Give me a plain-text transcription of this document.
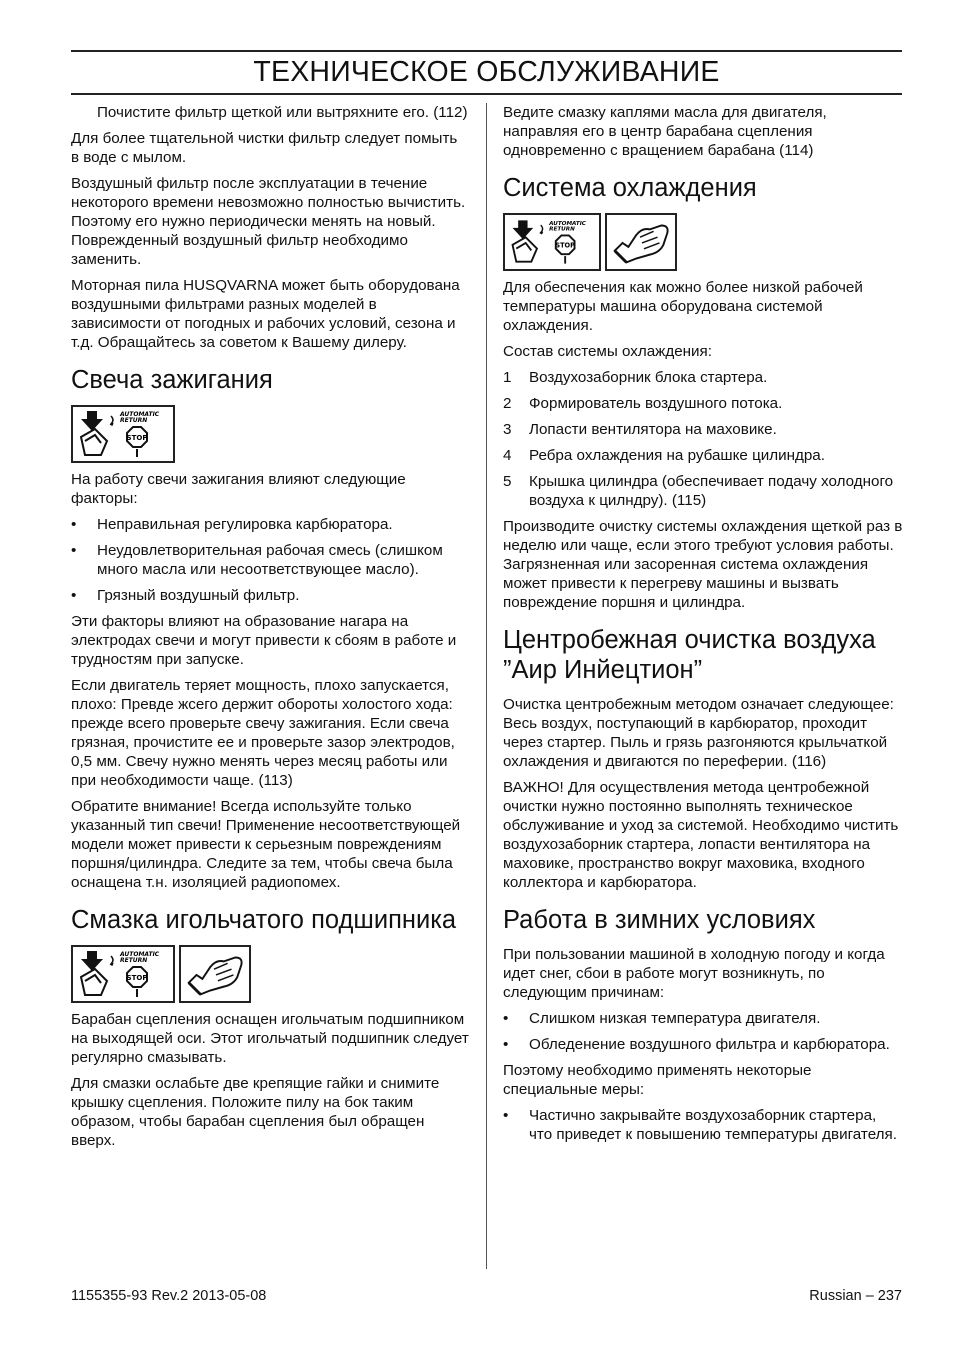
ТЕХНИЧЕСКОЕ ОБСЛУЖИВАНИЕ

Почистите фильтр щеткой или вытряхните его. (112)

Для более тщательной чистки фильтр следует помыть в воде с мылом.

Воздушный фильтр после эксплуатации в течение некоторого времени невозможно полностью вычистить. Поэтому его нужно периодически менять на новый. Поврежденный воздушный фильтр необходимо заменить.

Моторная пила HUSQVARNA может быть оборудована воздушными фильтрами разных моделей в зависимости от погодных и рабочих условий, сезона и т.д. Обращайтесь за советом к Вашему дилеру.

Свеча зажигания
AUTOMATIC
RETURN
STOP

На работу свечи зажигания влияют следующие факторы:

• Неправильная регулировка карбюратора.
• Неудовлетворительная рабочая смесь (слишком много масла или несоответствующее масло).
• Грязный воздушный фильтр.

Эти факторы влияют на образование нагара на электродах свечи и могут привести к сбоям в работе и трудностям при запуске.

Если двигатель теряет мощность, плохо запускается, плохо: Превде жсего держит обороты холостого хода: прежде всего проверьте свечу зажигания. Если свеча грязная, прочистите ее и проверьте зазор электродов, 0,5 мм. Свечу нужно менять через месяц работы или при необходимости чаще. (113)

Обратите внимание! Всегда используйте только указанный тип свечи! Применение несоответствующей модели может привести к серьезным повреждениям поршня/цилиндра. Следите за тем, чтобы свеча была оснащена т.н. изоляцией радиопомех.

Смазка игольчатого подшипника
AUTOMATIC
RETURN
STOP

Барабан сцепления оснащен игольчатым подшипником на выходящей оси. Этот игольчатый подшипник следует регулярно смазывать.

Для смазки ослабьте две крепящие гайки и снимите крышку сцепления. Положите пилу на бок таким образом, чтобы барабан сцепления был обращен вверх.

Ведите смазку каплями масла для двигателя, направляя его в центр барабана сцепления одновременно с вращением барабана (114)

Система охлаждения
AUTOMATIC
RETURN
STOP

Для обеспечения как можно более низкой рабочей температуры машина оборудована системой охлаждения.

Состав системы охлаждения:

1 Воздухозаборник блока стартера.
2 Формирователь воздушного потока.
3 Лопасти вентилятора на маховике.
4 Ребра охлаждения на рубашке цилиндра.
5 Крышка цилиндра (обеспечивает подачу холодного воздуха к цилндру). (115)

Производите очистку системы охлаждения щеткой раз в неделю или чаще, если этого требуют условия работы. Загрязненная или засоренная система охлаждения может привести к перегреву машины и вызвать повреждение поршня и цилиндра.

Центробежная очистка воздуха ”Аир Инйецтион”

Очистка центробежным методом означает следующее: Весь воздух, поступающий в карбюратор, проходит через стартер. Пыль и грязь разгоняются крыльчаткой охлаждения и двигаются по переферии. (116)

ВАЖНО! Для осуществления метода центробежной очистки нужно постоянно выполнять техническое обслуживание и уход за системой. Необходимо чистить воздухозаборник стартера, лопасти вентилятора на маховике, пространство вокруг маховика, входного коллектора и карбюратора.

Работа в зимних условиях

При пользовании машиной в холодную погоду и когда идет снег, сбои в работе могут возникнуть, по следующим причинам:

• Слишком низкая температура двигателя.
• Обледенение воздушного фильтра и карбюратора.

Поэтому необходимо применять некоторые специальные меры:

• Частично закрывайте воздухозаборник стартера, что приведет к повышению температуры двигателя.
1155355-93 Rev.2 2013-05-08	Russian – 237
